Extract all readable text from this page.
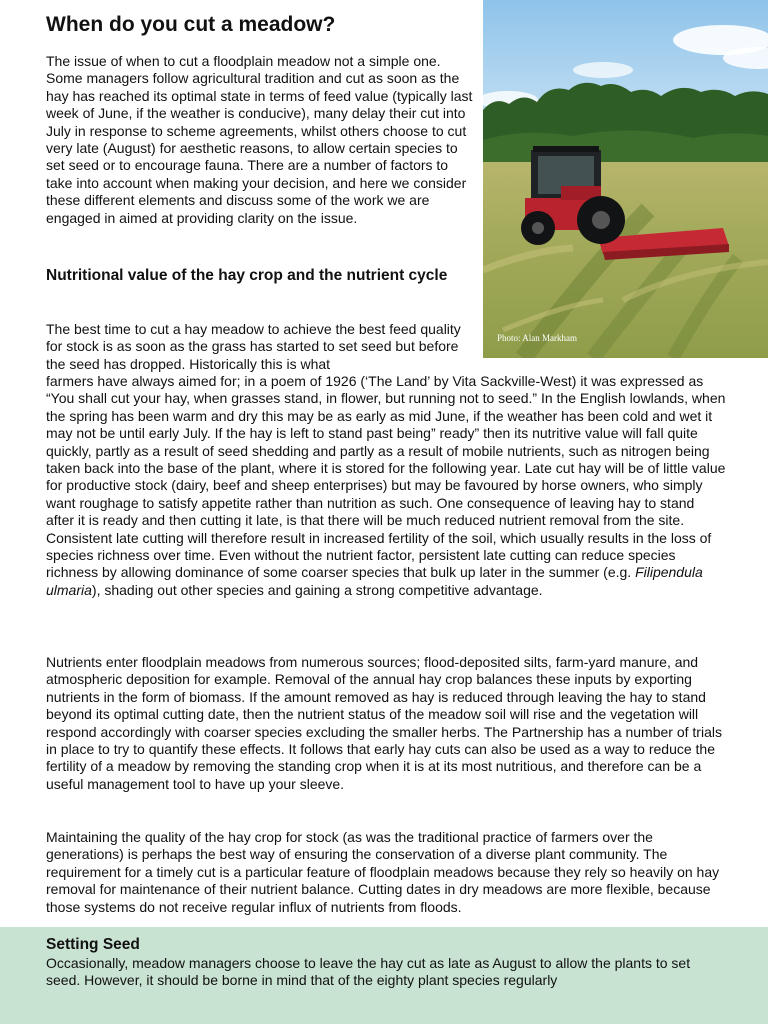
Photo: Alan Markham
When do you cut a meadow?

The issue of when to cut a floodplain meadow not a simple one. Some managers follow agricultural tradition and cut as soon as the hay has reached its optimal state in terms of feed value (typically last week of June, if the weather is conducive), many delay their cut into July in response to scheme agreements, whilst others choose to cut very late (August) for aesthetic reasons, to allow certain species to set seed or to encourage fauna. There are a number of factors to take into account when making your decision, and here we consider these different elements and discuss some of the work we are engaged in aimed at providing clarity on the issue.

Nutritional value of the hay crop and the nutrient cycle

The best time to cut a hay meadow to achieve the best feed quality for stock is as soon as the grass has started to set seed but before the seed has dropped. Historically this is what

farmers have always aimed for; in a poem of 1926 (‘The Land’ by Vita Sackville-West) it was expressed as “You shall cut your hay, when grasses stand, in flower, but running not to seed.” In the English lowlands, when the spring has been warm and dry this may be as early as mid June, if the weather has been cold and wet it may not be until early July. If the hay is left to stand past being” ready” then its nutritive value will fall quite quickly, partly as a result of seed shedding and partly as a result of mobile nutrients, such as nitrogen being taken back into the base of the plant, where it is stored for the following year. Late cut hay will be of little value for productive stock (dairy, beef and sheep enterprises) but may be favoured by horse owners, who simply want roughage to satisfy appetite rather than nutrition as such. One consequence of leaving hay to stand after it is ready and then cutting it late, is that there will be much reduced nutrient removal from the site. Consistent late cutting will therefore result in increased fertility of the soil, which usually results in the loss of species richness over time. Even without the nutrient factor, persistent late cutting can reduce species richness by allowing dominance of some coarser species that bulk up later in the summer (e.g. Filipendula ulmaria), shading out other species and gaining a strong competitive advantage.

Nutrients enter floodplain meadows from numerous sources; flood-deposited silts, farm-yard manure, and atmospheric deposition for example. Removal of the annual hay crop balances these inputs by exporting nutrients in the form of biomass. If the amount removed as hay is reduced through leaving the hay to stand beyond its optimal cutting date, then the nutrient status of the meadow soil will rise and the vegetation will respond accordingly with coarser species excluding the smaller herbs. The Partnership has a number of trials in place to try to quantify these effects. It follows that early hay cuts can also be used as a way to reduce the fertility of a meadow by removing the standing crop when it is at its most nutritious, and therefore can be a useful management tool to have up your sleeve.

Maintaining the quality of the hay crop for stock (as was the traditional practice of farmers over the generations) is perhaps the best way of ensuring the conservation of a diverse plant community. The requirement for a timely cut is a particular feature of floodplain meadows because they rely so heavily on hay removal for maintenance of their nutrient balance. Cutting dates in dry meadows are more flexible, because those systems do not receive regular influx of nutrients from floods.

Setting Seed

Occasionally, meadow managers choose to leave the hay cut as late as August to allow the plants to set seed. However, it should be borne in mind that of the eighty plant species regularly
